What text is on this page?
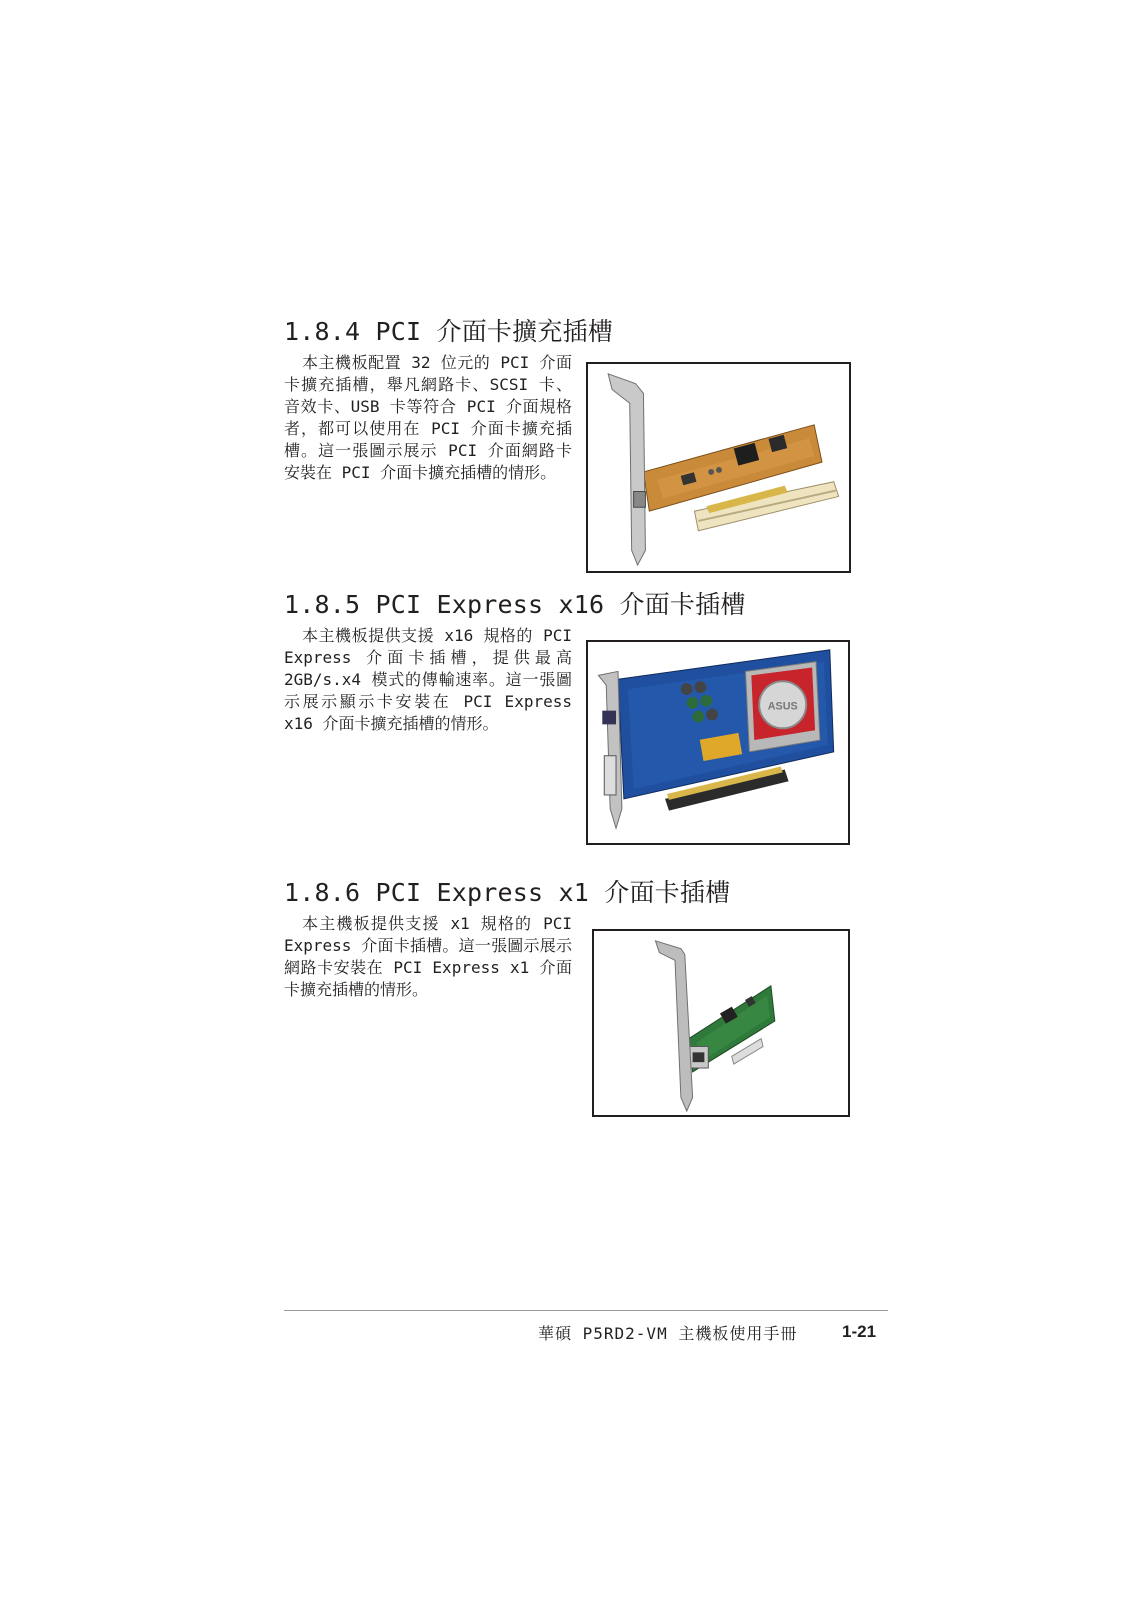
1.8.4 PCI 介面卡擴充插槽

本主機板配置 32 位元的 PCI 介面卡擴充插槽，舉凡網路卡、SCSI 卡、音效卡、USB 卡等符合 PCI 介面規格者，都可以使用在 PCI 介面卡擴充插槽。這一張圖示展示 PCI 介面網路卡安裝在 PCI 介面卡擴充插槽的情形。

1.8.5 PCI Express x16 介面卡插槽

本主機板提供支援 x16 規格的 PCI Express 介面卡插槽，提供最高 2GB/s.x4 模式的傳輸速率。這一張圖示展示顯示卡安裝在 PCI Express x16 介面卡擴充插槽的情形。

ASUS
1.8.6 PCI Express x1 介面卡插槽

本主機板提供支援 x1 規格的 PCI Express 介面卡插槽。這一張圖示展示網路卡安裝在 PCI Express x1 介面卡擴充插槽的情形。

華碩 P5RD2-VM 主機板使用手冊	1-21
